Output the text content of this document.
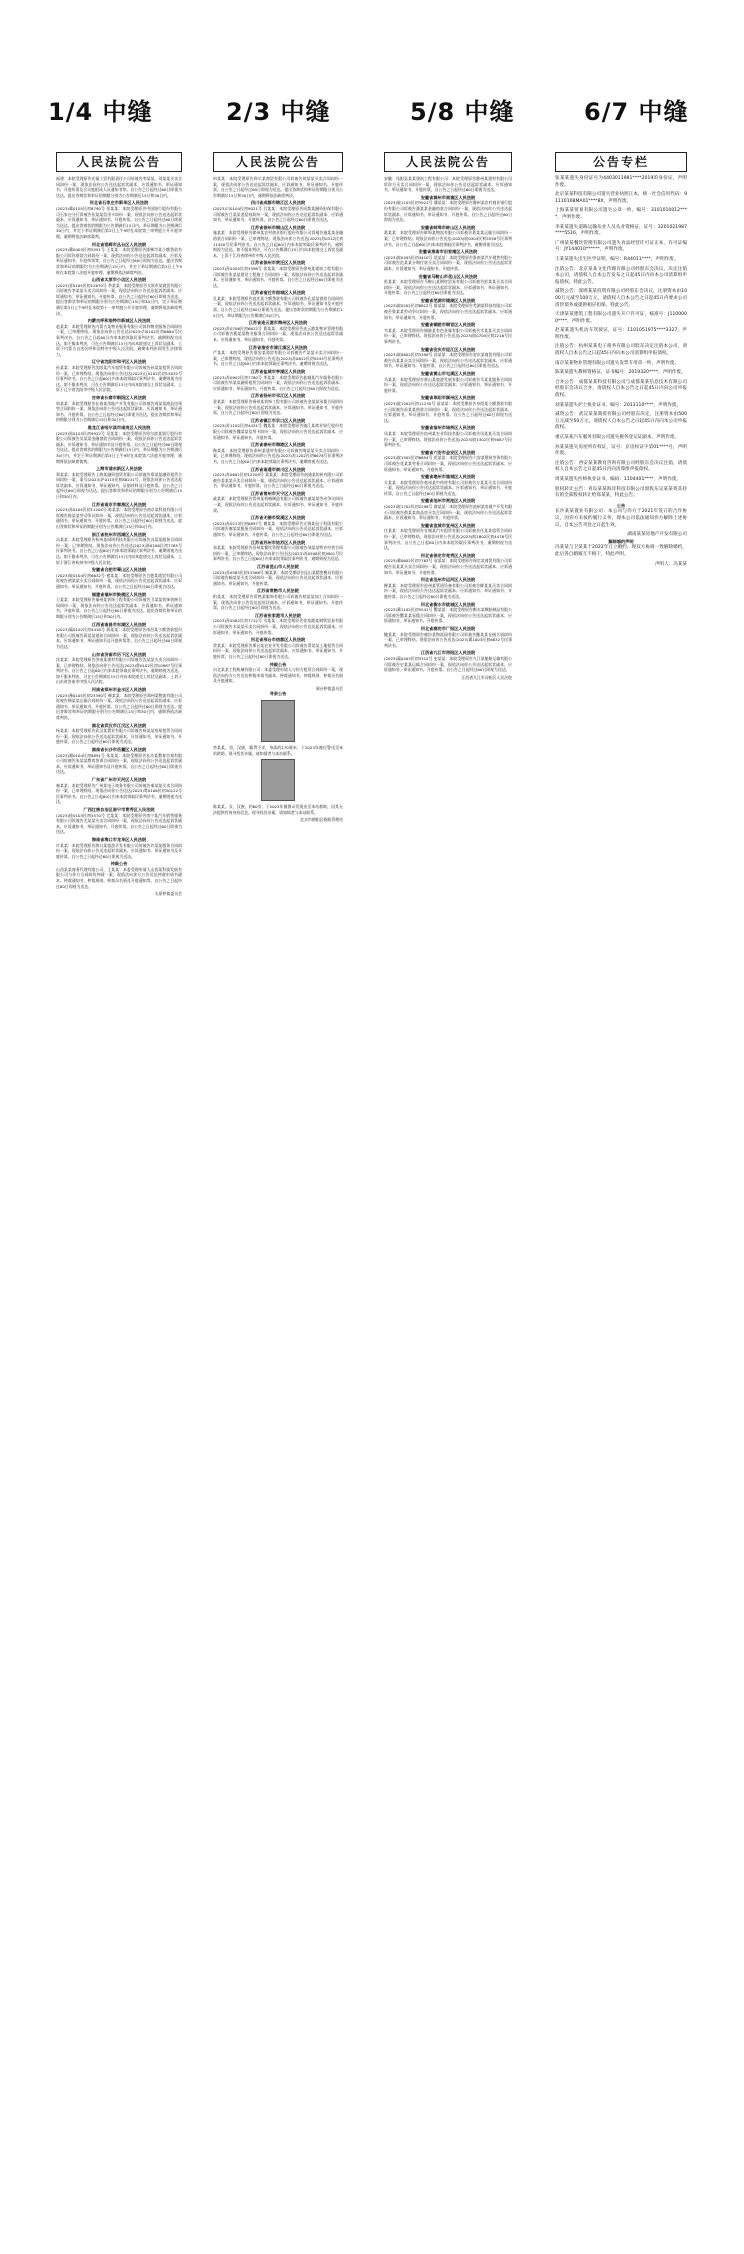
1/4 中缝	2/3 中缝	5/8 中缝	6/7 中缝
人民法院公告
福建：本院受理原告宏福工贸有限责任公司诉被告李某某、刘某某买卖合同纠纷一案，现依法向你公告送达起诉状副本、应诉通知书、举证通知书、开庭传票及合议庭组成人员通知书等。自公告之日起经过60日即视为送达。提出答辩状和举证的期限分别为公告期满后15日和30日内。
河北省石家庄市新华区人民法院
(2023)冀0105民初8790号 张某某：本院受理原告中国银行股份有限公司石家庄分行诉被告张某某信用卡纠纷一案，现依法向你公告送达起诉状副本、应诉通知书、举证通知书、开庭传票。自公告之日起经过60日即视为送达。提出答辩状的期限为公告期满后15日内，举证期限为公告期满后30日内，并定于举证期满后第3日上午9时在本院第三审判庭公开开庭审理，逾期将依法缺席裁判。
河北省邯郸市丛台区人民法院
(2023)冀0403民初5591号 王某某：本院受理原告邯郸市某小额贷款有限公司诉你借款合同纠纷一案，现依法向你公告送达起诉状副本、应诉及举证通知书、开庭传票等。自公告之日起经过60日即视为送达。提出答辩状和举证的期限均为公告期满后15日内。并定于举证期满后第3日上午9时在本院第八法庭开庭审理，逾期将依法缺席判决。
山西省太原市小店区人民法院
(2023)晋0105民初12670号 李某某：本院受理原告太原市某商贸有限公司诉被告李某某买卖合同纠纷一案，现依法向你公告送达起诉状副本、应诉通知书、举证通知书、开庭传票。自公告之日起经过60日即视为送达。提出答辩状和举证的期限分别为公告期满后15日和30日内，定于举证期满后第3日上午9时在本院第十一审判庭公开开庭审理，逾期将依法缺席判决。
内蒙古呼和浩特市新城区人民法院
赵某某：本院受理原告内蒙古某物业服务有限公司诉你物业服务合同纠纷一案，已审理终结。现依法向你公告送达(2023)内0102民初6684号民事判决书。自公告之日起60日内来本院领取民事判决书，逾期则视为送达。如不服本判决，可在公告期满后15日内向本院递交上诉状及副本，上诉于内蒙古自治区呼和浩特市中级人民法院。逾期本判决即发生法律效力。
辽宁省沈阳市和平区人民法院
孙某某：本院受理原告沈阳某汽车租赁有限公司诉被告孙某某租赁合同纠纷一案，已审理终结。现依法向你公告送达(2023)辽0102民初15032号民事判决书。自公告之日起60日内来本院领取民事判决书，逾期则视为送达。如不服本判决，可在公告期满后15日内向本院递交上诉状及副本，上诉于辽宁省沈阳市中级人民法院。
吉林省长春市朝阳区人民法院
周某某：本院受理原告长春某房地产开发有限公司诉被告周某某商品房预售合同纠纷一案，现依法向你公告送达起诉状副本、应诉通知书、举证通知书、开庭传票。自公告之日起经过60日即视为送达。提出答辩状和举证的期限分别为公告期满后15日和30日内。
黑龙江省哈尔滨市南岗区人民法院
(2023)黑0103民初9922号 吴某某：本院受理原告哈尔滨某银行股份有限公司诉被告吴某某金融借款合同纠纷一案，现依法向你公告送达起诉状副本、应诉通知书、举证通知书及开庭传票。自公告之日起经过60日即视为送达。提出答辩状的期限为公告期满后15日内，举证期限为公告期满后30日内，并定于举证期满后第3日上午9时在本院第六法庭开庭审理，逾期将依法缺席裁判。
上海市浦东新区人民法院
郑某某：本院受理原告上海某融资租赁有限公司诉被告郑某某融资租赁合同纠纷一案，案号(2023)沪0115民初88231号，现依法向你公告送达起诉状副本、应诉通知书、举证通知书、证据材料及开庭传票。自公告之日起经过60日即视为送达。提出答辩状和举证的期限分别为公告期满后15日和30日内。
江苏省南京市秦淮区人民法院
(2023)苏0104民初11204号 陈某某：本院受理原告南京某科技有限公司诉被告陈某某劳动争议纠纷一案，现依法向你公告送达起诉状副本、应诉通知书、举证通知书、开庭传票。自公告之日起经过60日即视为送达。提出答辩状和举证的期限分别为公告期满后15日和30日内。
浙江省杭州市西湖区人民法院
冯某某：本院受理原告杭州某网络科技有限公司诉被告冯某某服务合同纠纷一案，已审理终结。现依法向你公告送达(2023)浙0106民初7765号民事判决书。自公告之日起60日内来本院领取民事判决书，逾期则视为送达。如不服本判决，可在公告期满后15日内向本院递交上诉状及副本，上诉于浙江省杭州市中级人民法院。
安徽省合肥市蜀山区人民法院
(2023)皖0104民初6632号 褚某某：本院受理原告合肥某商贸有限公司诉被告褚某某买卖合同纠纷一案，现依法向你公告送达起诉状副本、应诉通知书、举证通知书、开庭传票。自公告之日起经过60日即视为送达。
福建省福州市鼓楼区人民法院
卫某某：本院受理原告福州某装饰工程有限公司诉被告卫某某装饰装修合同纠纷一案，现依法向你公告送达起诉状副本、应诉通知书、举证通知书、开庭传票。自公告之日起经过60日即视为送达。提出答辩状和举证的期限分别为公告期满后15日和30日内。
江西省南昌市东湖区人民法院
(2023)赣0102民初4418号 蒋某某：本院受理原告南昌某小额贷款股份有限公司诉被告蒋某某借款合同纠纷一案，现依法向你公告送达起诉状副本、应诉通知书、举证通知书及开庭传票等。自公告之日起经过60日即视为送达。
山东省济南市历下区人民法院
沈某某：本院受理原告济南某建材有限公司诉被告沈某某买卖合同纠纷一案，已审理终结。现依法向你公告送达(2023)鲁0102民初10987号民事判决书。自公告之日起60日内来本院领取民事判决书，逾期则视为送达。如不服本判决，可在公告期满后15日内向本院递交上诉状及副本，上诉于山东省济南市中级人民法院。
河南省郑州市金水区人民法院
(2023)豫0105民初23390号 韩某某：本院受理原告郑州某物流有限公司诉被告韩某某运输合同纠纷一案，现依法向你公告送达起诉状副本、应诉通知书、举证通知书、开庭传票。自公告之日起经过60日即视为送达。提出答辩状和举证的期限分别为公告期满后15日和30日内，逾期将依法缺席判决。
湖北省武汉市江汉区人民法院
杨某某：本院受理原告武汉某置业有限公司诉被告杨某某房屋租赁合同纠纷一案，现依法向你公告送达起诉状副本、应诉通知书、举证通知书、开庭传票。自公告之日起经过60日即视为送达。
湖南省长沙市岳麓区人民法院
(2023)湘0104民初8891号 朱某某：本院受理原告长沙某教育咨询有限公司诉被告朱某某教育培训合同纠纷一案，现依法向你公告送达起诉状副本、应诉通知书、举证通知书及开庭传票。自公告之日起经过60日即视为送达。
广东省广州市天河区人民法院
秦某某：本院受理原告广州某电子商务有限公司诉被告秦某某买卖合同纠纷一案，已审理终结。现依法向你公告送达(2023)粤0106民初30122号民事判决书。自公告之日起60日内来本院领取民事判决书，逾期则视为送达。
广西壮族自治区南宁市青秀区人民法院
(2023)桂0103民初5570号 尤某某：本院受理原告南宁某汽车销售服务有限公司诉被告尤某某买卖合同纠纷一案，现依法向你公告送达起诉状副本、应诉通知书、举证通知书、开庭传票。自公告之日起经过60日即视为送达。
海南省海口市龙华区人民法院
许某某：本院受理原告海口某旅游开发有限公司诉被告许某某服务合同纠纷一案，现依法向你公告送达起诉状副本、应诉通知书、举证通知书及开庭传票。自公告之日起经过60日即视为送达。
仲裁公告
山西某某商务代理有限公司、王某某：本委受理申请人山西某科技发展有限公司与你方合同纠纷仲裁一案，现依法向你方公告送达仲裁申请书副本、仲裁通知书、仲裁规则、仲裁员名册及开庭通知等。自公告之日起经过60日即视为送达。
太原仲裁委员会
人民法院公告
何某某：本院受理原告四川某商贸有限公司诉被告何某某买卖合同纠纷一案，现依法向你公告送达起诉状副本、应诉通知书、举证通知书、开庭传票。自公告之日起经过60日即视为送达。提出答辩状和举证的期限分别为公告期满后15日和30日内，逾期将依法缺席判决。
四川省成都市锦江区人民法院
(2023)川0104民初9021号 吕某某：本院受理原告成都某融资担保有限公司诉被告吕某某追偿权纠纷一案，现依法向你公告送达起诉状副本、应诉通知书、举证通知书、开庭传票。自公告之日起经过60日即视为送达。
江苏省徐州市铜山区人民法院
施某某：本院受理原告徐州某农村商业银行股份有限公司诉被告施某某金融借款合同纠纷一案，已审理终结。现依法向你公告送达(2023)苏0312民初11450号民事判决书。自公告之日起60日内来本院领取民事判决书，逾期则视为送达。如不服本判决，可在公告期满后15日内向本院递交上诉状及副本，上诉于江苏省徐州市中级人民法院。
江苏省徐州市贾汪区人民法院
(2023)苏0305民初3398号 张某某：本院受理原告徐州某建筑工程有限公司诉被告张某某建设工程施工合同纠纷一案，现依法向你公告送达起诉状副本、应诉通知书、举证通知书、开庭传票。自公告之日起经过60日即视为送达。
江苏省宿迁市宿城区人民法院
孔某某：本院受理原告宿迁某小额贷款有限公司诉被告孔某某借款合同纠纷一案，现依法向你公告送达起诉状副本、应诉通知书、举证通知书及开庭传票。自公告之日起经过60日即视为送达。提出答辩状的期限为公告期满后15日内，举证期限为公告期满后30日内。
江苏省连云港市海州区人民法院
(2023)苏0706民初6612号 曹某某：本院受理原告连云港某物业管理有限公司诉被告曹某某物业服务合同纠纷一案，现依法向你公告送达起诉状副本、应诉通知书、举证通知书、开庭传票。
江苏省淮安市清江浦区人民法院
严某某：本院受理原告淮安某商贸有限公司诉被告严某某买卖合同纠纷一案，已审理终结。现依法向你公告送达(2023)苏0812民初5543号民事判决书。自公告之日起60日内来本院领取民事判决书，逾期则视为送达。
江苏省盐城市亭湖区人民法院
(2023)苏0902民初7780号 华某某：本院受理原告盐城某汽车服务有限公司诉被告华某某融资租赁合同纠纷一案，现依法向你公告送达起诉状副本、应诉通知书、举证通知书、开庭传票。自公告之日起经过60日即视为送达。
江苏省扬州市邗江区人民法院
金某某：本院受理原告扬州某装饰工程有限公司诉被告金某某承揽合同纠纷一案，现依法向你公告送达起诉状副本、应诉通知书、举证通知书、开庭传票。自公告之日起经过60日即视为送达。
江苏省镇江市京口区人民法院
(2023)苏1102民初4431号 魏某某：本院受理原告镇江某商业银行股份有限公司诉被告魏某某信用卡纠纷一案，现依法向你公告送达起诉状副本、应诉通知书、举证通知书、开庭传票。
江苏省泰州市海陵区人民法院
陶某某：本院受理原告泰州某建材有限公司诉被告陶某某买卖合同纠纷一案，已审理终结。现依法向你公告送达(2023)苏1202民初6678号民事判决书。自公告之日起60日内来本院领取民事判决书，逾期则视为送达。
江苏省南通市崇川区人民法院
(2023)苏0602民初12209号 姜某某：本院受理原告南通某纺织有限公司诉被告姜某某买卖合同纠纷一案，现依法向你公告送达起诉状副本、应诉通知书、举证通知书、开庭传票。自公告之日起经过60日即视为送达。
江苏省常州市天宁区人民法院
戚某某：本院受理原告常州某机械制造有限公司诉被告戚某某劳动争议纠纷一案，现依法向你公告送达起诉状副本、应诉通知书、举证通知书、开庭传票。
江苏省无锡市梁溪区人民法院
(2023)苏0213民初8897号 谢某某：本院受理原告无锡某电子科技有限公司诉被告谢某某服务合同纠纷一案，现依法向你公告送达起诉状副本、应诉通知书、举证通知书、开庭传票。自公告之日起经过60日即视为送达。
江苏省苏州市姑苏区人民法院
邹某某：本院受理原告苏州某餐饮管理有限公司诉被告邹某某特许经营合同纠纷一案，已审理终结。现依法向你公告送达(2023)苏0508民初9901号民事判决书。自公告之日起60日内来本院领取民事判决书，逾期则视为送达。
江苏省昆山市人民法院
(2023)苏0583民初15566号 喻某某：本院受理原告昆山某精密模具有限公司诉被告喻某某买卖合同纠纷一案，现依法向你公告送达起诉状副本、应诉通知书、举证通知书、开庭传票。
江苏省常熟市人民法院
柏某某：本院受理原告常熟某服饰有限公司诉被告柏某某加工合同纠纷一案，现依法向你公告送达起诉状副本、应诉通知书、举证通知书、开庭传票。自公告之日起经过60日即视为送达。
江苏省张家港市人民法院
(2023)苏0582民初7712号 水某某：本院受理原告张家港某钢铁贸易有限公司诉被告水某某买卖合同纠纷一案，现依法向你公告送达起诉状副本、应诉通知书、举证通知书、开庭传票。
河北省邢台市信都区人民法院
窦某某：本院受理原告邢台某农业开发有限公司诉被告窦某某土地租赁合同纠纷一案，现依法向你公告送达起诉状副本、应诉通知书、举证通知书、开庭传票。自公告之日起经过60日即视为送达。
仲裁公告
河北某某工程机械有限公司：本委受理申请人与你方租赁合同纠纷一案，现依法向你方公告送达仲裁申请书副本、仲裁通知书、仲裁规则、仲裁员名册及开庭通知。
邢台仲裁委员会
寻亲公告
李某某，男，汉族，籍贯不详，身高约170厘米，于2023年被民警送至本站救助，现寻找其亲属，请知情者与本站联系。
陈某某，女，汉族，约60岁，于2023年被群众发现送至本站救助，因其无法提供有效身份信息，现寻找其亲属，请知情者与本站联系。
北京市朝阳区救助管理站
人民法院公告
安徽：凤阳县某某建筑工程有限公司：本院受理原告滁州某建材有限公司诉你方买卖合同纠纷一案，现依法向你公告送达起诉状副本、应诉通知书、举证通知书、开庭传票。自公告之日起经过60日即视为送达。
安徽省滁州市南谯区人民法院
(2023)皖1103民初3921号 潘某某：本院受理原告滁州某农村商业银行股份有限公司诉被告潘某某金融借款合同纠纷一案，现依法向你公告送达起诉状副本、应诉通知书、举证通知书、开庭传票。自公告之日起经过60日即视为送达。
安徽省蚌埠市蚌山区人民法院
葛某某：本院受理原告蚌埠某物流有限公司诉被告葛某某运输合同纠纷一案，已审理终结。现依法向你公告送达(2023)皖0303民初5538号民事判决书。自公告之日起60日内来本院领取民事判决书，逾期则视为送达。
安徽省淮南市田家庵区人民法院
(2023)皖0403民初4410号 范某某：本院受理原告淮南某汽车销售有限公司诉被告范某某分期付款买卖合同纠纷一案，现依法向你公告送达起诉状副本、应诉通知书、举证通知书、开庭传票。
安徽省马鞍山市花山区人民法院
彭某某：本院受理原告马鞍山某钢材贸易有限公司诉被告彭某某买卖合同纠纷一案，现依法向你公告送达起诉状副本、应诉通知书、举证通知书、开庭传票。自公告之日起经过60日即视为送达。
安徽省芜湖市镜湖区人民法院
(2023)皖0202民初8812号 鲁某某：本院受理原告芜湖某科技有限公司诉被告鲁某某劳动争议纠纷一案，现依法向你公告送达起诉状副本、应诉通知书、举证通知书、开庭传票。
安徽省铜陵市铜官区人民法院
韦某某：本院受理原告铜陵某有色金属有限公司诉被告韦某某买卖合同纠纷一案，已审理终结。现依法向你公告送达(2023)皖0705民初2216号民事判决书。
安徽省安庆市迎江区人民法院
(2023)皖0802民初3390号 昌某某：本院受理原告安庆某商贸有限公司诉被告昌某某买卖合同纠纷一案，现依法向你公告送达起诉状副本、应诉通知书、举证通知书、开庭传票。自公告之日起经过60日即视为送达。
安徽省黄山市屯溪区人民法院
马某某：本院受理原告黄山某旅游发展有限公司诉被告马某某服务合同纠纷一案，现依法向你公告送达起诉状副本、应诉通知书、举证通知书、开庭传票。
安徽省阜阳市颍州区人民法院
(2023)皖1202民初11235号 苗某某：本院受理原告阜阳某小额贷款有限公司诉被告苗某某借款合同纠纷一案，现依法向你公告送达起诉状副本、应诉通知书、举证通知书、开庭传票。自公告之日起经过60日即视为送达。
安徽省宿州市埇桥区人民法院
凤某某：本院受理原告宿州某农业科技有限公司诉被告凤某某买卖合同纠纷一案，已审理终结。现依法向你公告送达(2023)皖1302民初9087号民事判决书。
安徽省六安市金安区人民法院
(2023)皖1502民初6654号 花某某：本院受理原告六安某建筑劳务有限公司诉被告花某某劳务合同纠纷一案，现依法向你公告送达起诉状副本、应诉通知书、举证通知书、开庭传票。
安徽省亳州市谯城区人民法院
方某某：本院受理原告亳州某中药材有限公司诉被告方某某买卖合同纠纷一案，现依法向你公告送达起诉状副本、应诉通知书、举证通知书、开庭传票。自公告之日起经过60日即视为送达。
安徽省池州市贵池区人民法院
(2023)皖1702民初2298号 俞某某：本院受理原告池州某房地产开发有限公司诉被告俞某某商品房买卖合同纠纷一案，现依法向你公告送达起诉状副本、应诉通知书、举证通知书、开庭传票。
安徽省宣城市宣州区人民法院
任某某：本院受理原告宣城某汽车租赁有限公司诉被告任某某租赁合同纠纷一案，已审理终结。现依法向你公告送达(2023)皖1802民初4476号民事判决书。自公告之日起60日内来本院领取民事判决书，逾期则视为送达。
河北省保定市竞秀区人民法院
(2023)冀0602民初7763号 袁某某：本院受理原告保定某商贸有限公司诉被告袁某某买卖合同纠纷一案，现依法向你公告送达起诉状副本、应诉通知书、举证通知书、开庭传票。
河北省沧州市运河区人民法院
柳某某：本院受理原告沧州某管道设备有限公司诉被告柳某某买卖合同纠纷一案，现依法向你公告送达起诉状副本、应诉通知书、举证通知书、开庭传票。自公告之日起经过60日即视为送达。
河北省衡水市桃城区人民法院
(2023)冀1102民初5541号 酆某某：本院受理原告衡水某橡胶制品有限公司诉被告酆某某承揽合同纠纷一案，现依法向你公告送达起诉状副本、应诉通知书、举证通知书、开庭传票。
河北省廊坊市广阳区人民法院
鲍某某：本院受理原告廊坊某物流园有限公司诉被告鲍某某仓储合同纠纷一案，已审理终结。现依法向你公告送达(2023)冀1003民初6632号民事判决书。
江西省九江市浔阳区人民法院
(2023)赣0403民初3315号 史某某：本院受理原告九江某船舶运输有限公司诉被告史某某运输合同纠纷一案，现依法向你公告送达起诉状副本、应诉通知书、举证通知书、开庭传票。自公告之日起经过60日即视为送达。
江西省九江市浔阳区人民法院
公告专栏
张某某遗失身份证号为4403011981****2019的身份证，声明作废。
北京某某科技有限公司遗失营业执照正本，统一社会信用代码：91110108MA01****8X，声明作废。
上海某某贸易有限公司遗失公章一枚，编号：3101010012****，声明作废。
李某某遗失道路运输从业人员从业资格证，证号：3201021987****5516，声明作废。
广州某某餐饮管理有限公司遗失食品经营许可证正本，许可证编号：JY144010******，声明作废。
王某某遗失出生医学证明，编号：R44011****，声明作废。
注销公告：北京某某文化传媒有限公司经股东会决议，决定注销本公司，请债权人自本公告发布之日起45日内向本公司清算组申报债权。特此公告。
减资公告：深圳某某投资有限公司经股东会决议，注册资本由1000万元减至100万元，请债权人自本公告之日起45日内要求公司清偿债务或提供相应担保。特此公告。
天津某某建筑工程有限公司遗失开户许可证，核准号：J1100000****，声明作废。
赵某某遗失机动车驾驶证，证号：1101051975****3327，声明作废。
注销公告：杭州某某电子商务有限公司股东决定注销本公司，请债权人自本公告之日起45日内向本公司清算组申报债权。
南京某某物业管理有限公司遗失发票专用章一枚，声明作废。
陈某某遗失教师资格证，证书编号：2019320****，声明作废。
合并公告：成都某某科技有限公司与成都某某信息技术有限公司经股东会决议合并，请债权人自本公告之日起45日内向公司申报债权。
刘某某遗失护士执业证书，编号：2013110****，声明作废。
减资公告：武汉某某商贸有限公司经股东决定，注册资本由500万元减至50万元，请债权人自本公告之日起45日内向本公司申报债权。
重庆某某汽车服务有限公司遗失税务登记证副本，声明作废。
孙某某遗失房屋所有权证，证号：京房权证字第01****号，声明作废。
注销公告：西安某某教育咨询有限公司经股东会决议注销，请债权人自本公告之日起45日内向清算组申报债权。
周某某遗失医师执业证书，编码：1104401****，声明作废。
股权转让公告：青岛某某海洋科技有限公司原股东吴某某将其持有的全部股权转让给郑某某，特此公告。
公告
长沙某某置业有限公司：本公司与你方于2021年签订的合作协议，因你方未按约履行义务，现本公司依法通知你方解除上述协议，自本公告刊登之日起生效。
湖南某某房地产开发有限公司
解除婚约声明
冯某某与卫某某于2022年订立婚约，现双方协商一致解除婚约，此后各自婚嫁互不相干，特此声明。
声明人：冯某某
